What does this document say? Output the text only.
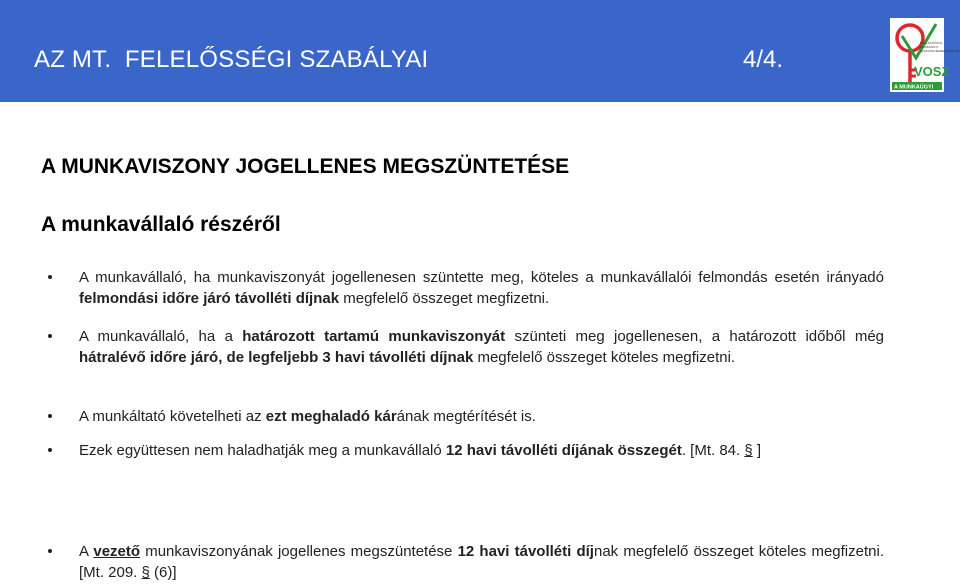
AZ MT.  FELELŐSSÉGI SZABÁLYAI	4/4.
PAULAKTIÓS IS
MUNKAÜGYI
SZAKJOGI ÉRDEKVÉDELMI
VOSZ
A MUNKAÜGYI
A MUNKAVISZONY JOGELLENES MEGSZÜNTETÉSE
A munkavállaló részéről
A munkavállaló, ha munkaviszonyát jogellenesen szüntette meg, köteles a munkavállalói felmondás esetén irányadó felmondási időre járó távolléti díjnak megfelelő összeget megfizetni.
A munkavállaló, ha a határozott tartamú munkaviszonyát szünteti meg jogellenesen, a határozott időből még hátralévő időre járó, de legfeljebb 3 havi távolléti díjnak megfelelő összeget köteles megfizetni.
A munkáltató követelheti az ezt meghaladó kárának megtérítését is.
Ezek együttesen nem haladhatják meg a munkavállaló 12 havi távolléti díjának összegét. [Mt. 84. § ]
A vezető munkaviszonyának jogellenes megszüntetése 12 havi távolléti díjnak megfelelő összeget köteles megfizetni. [Mt. 209. § (6)]
